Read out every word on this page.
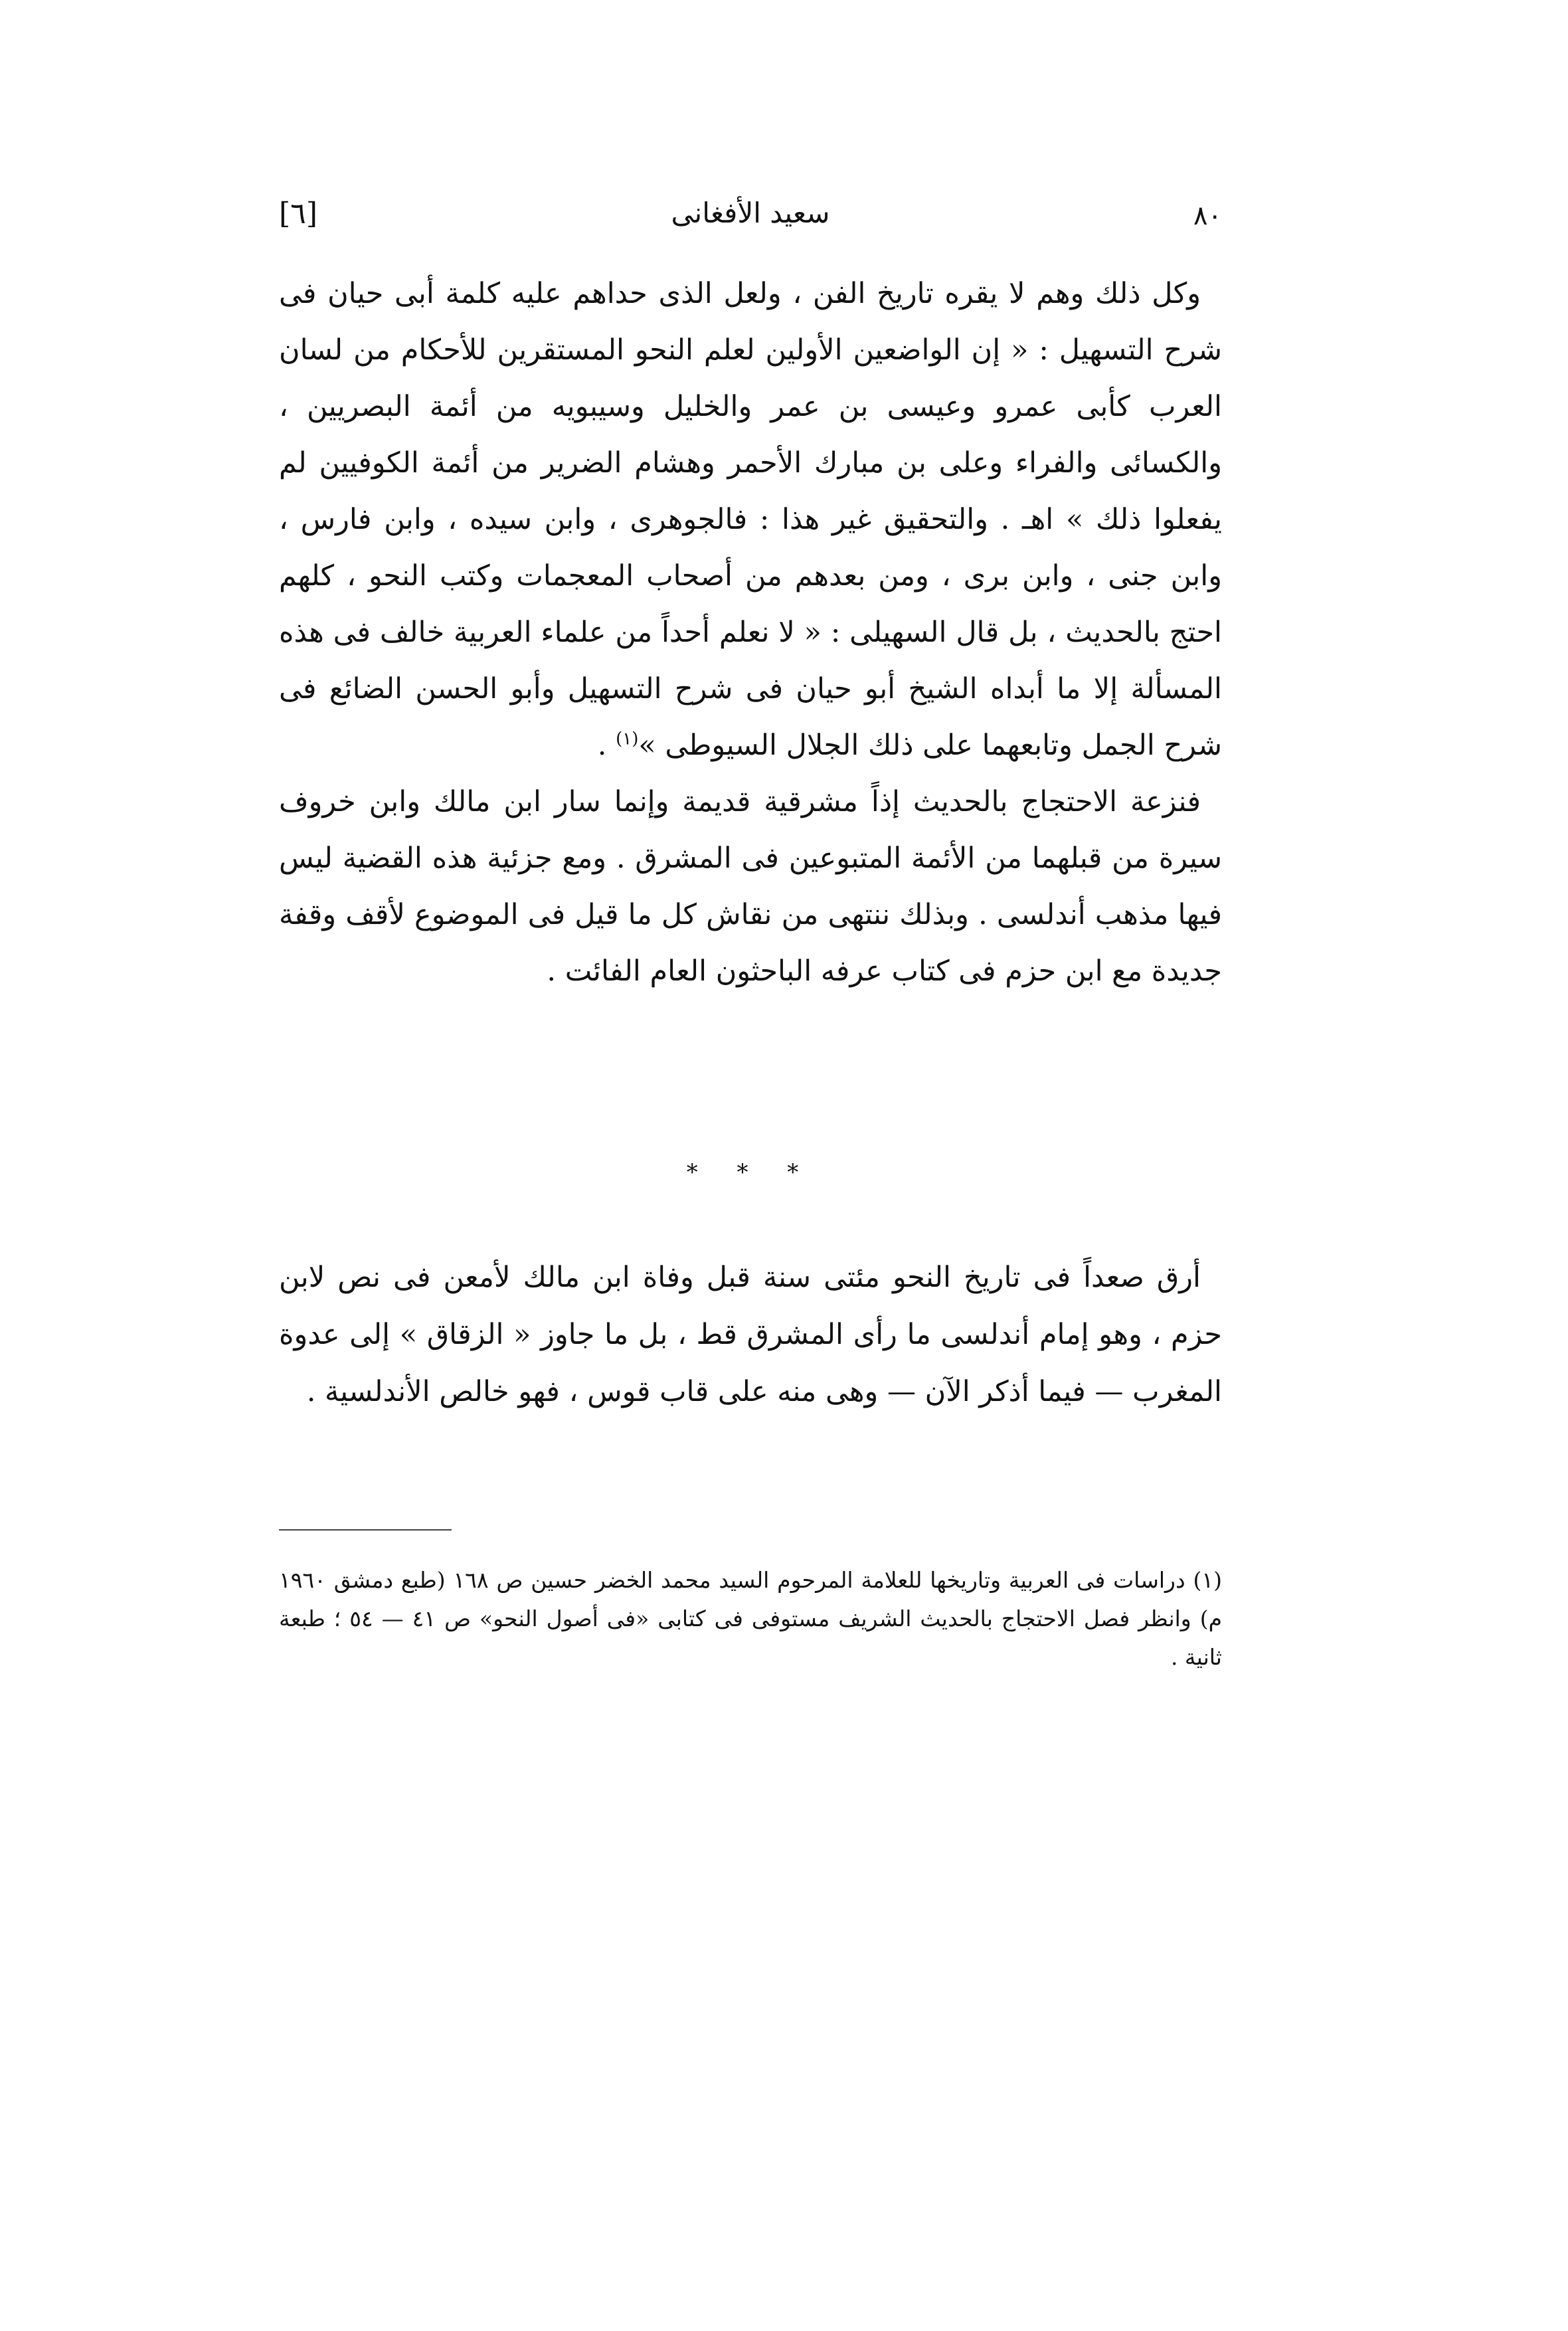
٨٠
سعيد الأفغانى
[٦]

وكل ذلك وهم لا يقره تاريخ الفن ، ولعل الذى حداهم عليه كلمة أبى حيان فى شرح التسهيل : « إن الواضعين الأولين لعلم النحو المستقرين للأحكام من لسان العرب كأبى عمرو وعيسى بن عمر والخليل وسيبويه من أئمة البصريين ، والكسائى والفراء وعلى بن مبارك الأحمر وهشام الضرير من أئمة الكوفيين لم يفعلوا ذلك » اهـ . والتحقيق غير هذا : فالجوهرى ، وابن سيده ، وابن فارس ، وابن جنى ، وابن برى ، ومن بعدهم من أصحاب المعجمات وكتب النحو ، كلهم احتج بالحديث ، بل قال السهيلى : « لا نعلم أحداً من علماء العربية خالف فى هذه المسألة إلا ما أبداه الشيخ أبو حيان فى شرح التسهيل وأبو الحسن الضائع فى شرح الجمل وتابعهما على ذلك الجلال السيوطى »$^{(١)}$ .

فنزعة الاحتجاج بالحديث إذاً مشرقية قديمة وإنما سار ابن مالك وابن خروف سيرة من قبلهما من الأئمة المتبوعين فى المشرق . ومع جزئية هذه القضية ليس فيها مذهب أندلسى . وبذلك ننتهى من نقاش كل ما قيل فى الموضوع لأقف وقفة جديدة مع ابن حزم فى كتاب عرفه الباحثون العام الفائت .

* * *

أرق صعداً فى تاريخ النحو مئتى سنة قبل وفاة ابن مالك لأمعن فى نص لابن حزم ، وهو إمام أندلسى ما رأى المشرق قط ، بل ما جاوز « الزقاق » إلى عدوة المغرب — فيما أذكر الآن — وهى منه على قاب قوس ، فهو خالص الأندلسية .

(١) دراسات فى العربية وتاريخها للعلامة المرحوم السيد محمد الخضر حسين ص ١٦٨ (طبع دمشق ١٩٦٠ م) وانظر فصل الاحتجاج بالحديث الشريف مستوفى فى كتابى «فى أصول النحو» ص ٤١ — ٥٤ ؛ طبعة ثانية .
